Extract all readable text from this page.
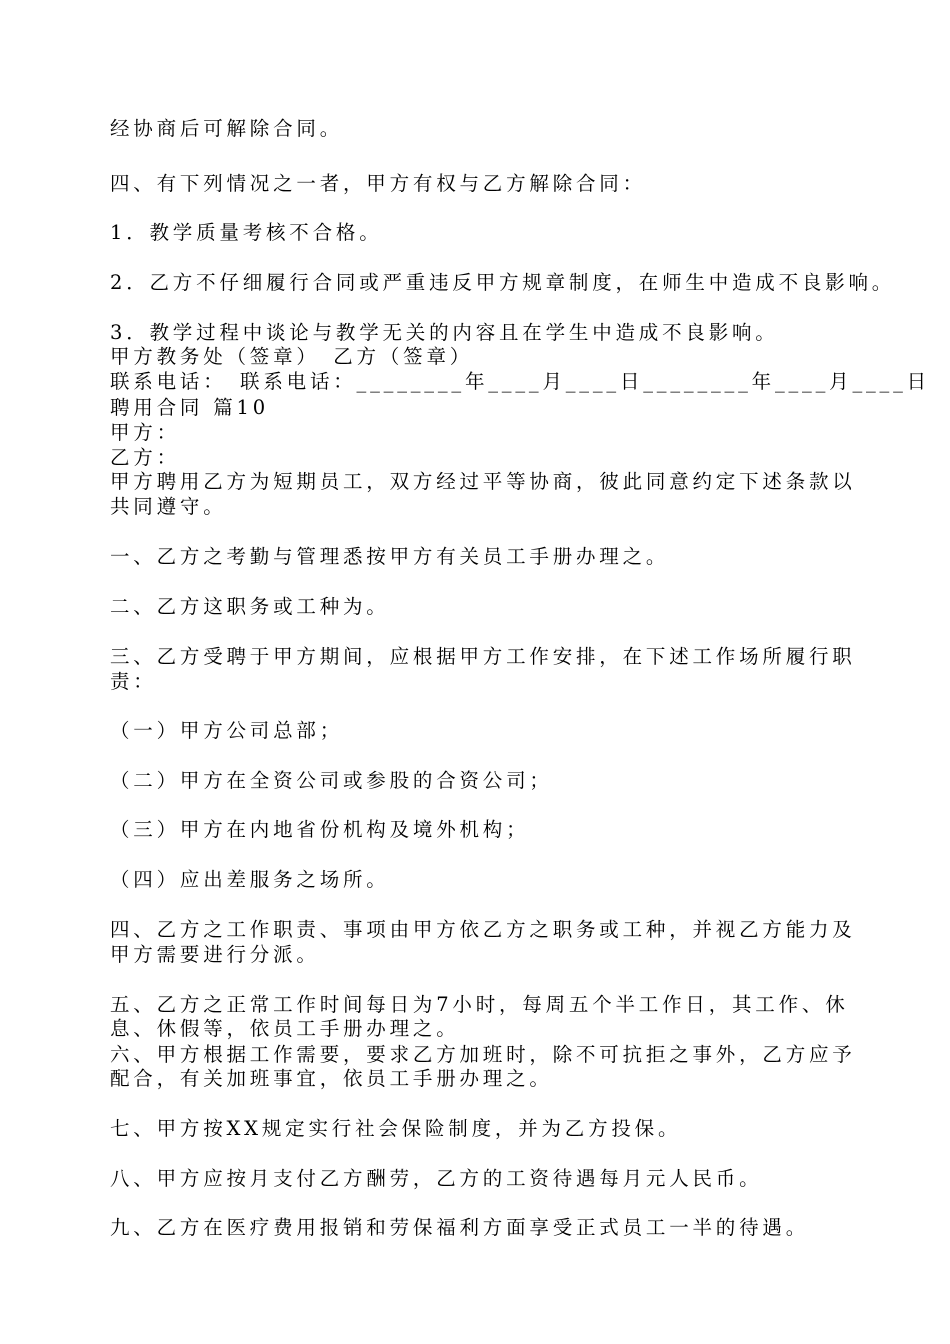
经协商后可解除合同。

四、有下列情况之一者，甲方有权与乙方解除合同：

1．教学质量考核不合格。

2．乙方不仔细履行合同或严重违反甲方规章制度，在师生中造成不良影响。

3．教学过程中谈论与教学无关的内容且在学生中造成不良影响。

甲方教务处（签章）　乙方（签章）

联系电话：　联系电话：________年____月____日________年____月____日

聘用合同 篇10

甲方：

乙方：

甲方聘用乙方为短期员工，双方经过平等协商，彼此同意约定下述条款以

共同遵守。

一、乙方之考勤与管理悉按甲方有关员工手册办理之。

二、乙方这职务或工种为。

三、乙方受聘于甲方期间，应根据甲方工作安排，在下述工作场所履行职

责：

（一）甲方公司总部；

（二）甲方在全资公司或参股的合资公司；

（三）甲方在内地省份机构及境外机构；

（四）应出差服务之场所。

四、乙方之工作职责、事项由甲方依乙方之职务或工种，并视乙方能力及

甲方需要进行分派。

五、乙方之正常工作时间每日为7小时，每周五个半工作日，其工作、休

息、休假等，依员工手册办理之。

六、甲方根据工作需要，要求乙方加班时，除不可抗拒之事外，乙方应予

配合，有关加班事宜，依员工手册办理之。

七、甲方按XX规定实行社会保险制度，并为乙方投保。

八、甲方应按月支付乙方酬劳，乙方的工资待遇每月元人民币。

九、乙方在医疗费用报销和劳保福利方面享受正式员工一半的待遇。
